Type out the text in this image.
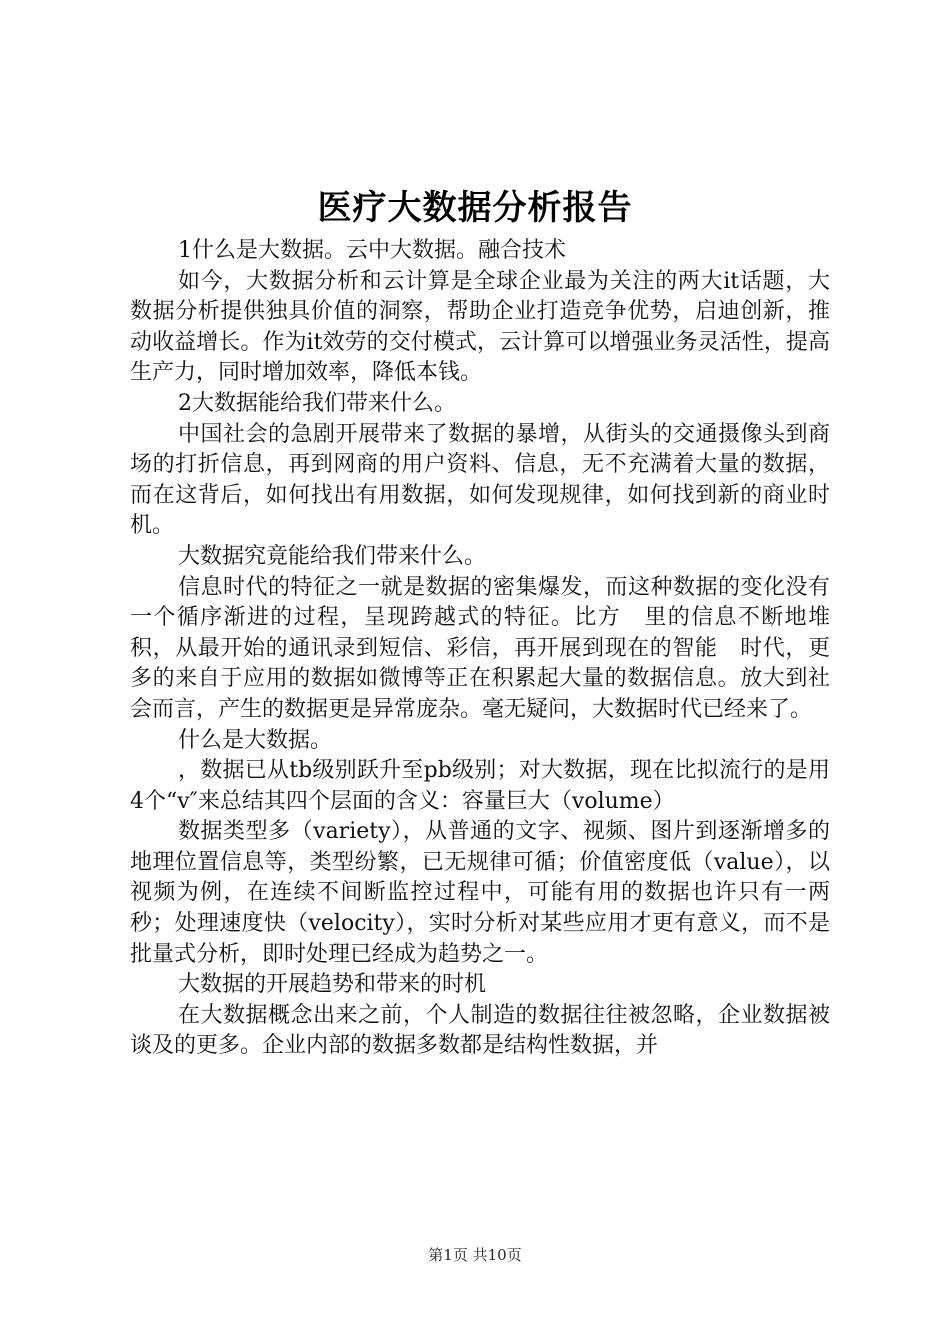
医疗大数据分析报告

1什么是大数据。云中大数据。融合技术

如今，大数据分析和云计算是全球企业最为关注的两大it话题，大数据分析提供独具价值的洞察，帮助企业打造竞争优势，启迪创新，推动收益增长。作为it效劳的交付模式，云计算可以增强业务灵活性，提高生产力，同时增加效率，降低本钱。

2大数据能给我们带来什么。

中国社会的急剧开展带来了数据的暴增，从街头的交通摄像头到商场的打折信息，再到网商的用户资料、信息，无不充满着大量的数据，而在这背后，如何找出有用数据，如何发现规律，如何找到新的商业时机。

大数据究竟能给我们带来什么。

信息时代的特征之一就是数据的密集爆发，而这种数据的变化没有一个循序渐进的过程，呈现跨越式的特征。比方　里的信息不断地堆积，从最开始的通讯录到短信、彩信，再开展到现在的智能　时代，更多的来自于应用的数据如微博等正在积累起大量的数据信息。放大到社会而言，产生的数据更是异常庞杂。毫无疑问，大数据时代已经来了。

什么是大数据。

，数据已从tb级别跃升至pb级别；对大数据，现在比拟流行的是用4个“v″来总结其四个层面的含义：容量巨大（volume）

数据类型多（variety），从普通的文字、视频、图片到逐渐增多的地理位置信息等，类型纷繁，已无规律可循；价值密度低（value），以视频为例，在连续不间断监控过程中，可能有用的数据也许只有一两秒；处理速度快（velocity），实时分析对某些应用才更有意义，而不是批量式分析，即时处理已经成为趋势之一。

大数据的开展趋势和带来的时机

在大数据概念出来之前，个人制造的数据往往被忽略，企业数据被谈及的更多。企业内部的数据多数都是结构性数据，并

第1页 共10页
